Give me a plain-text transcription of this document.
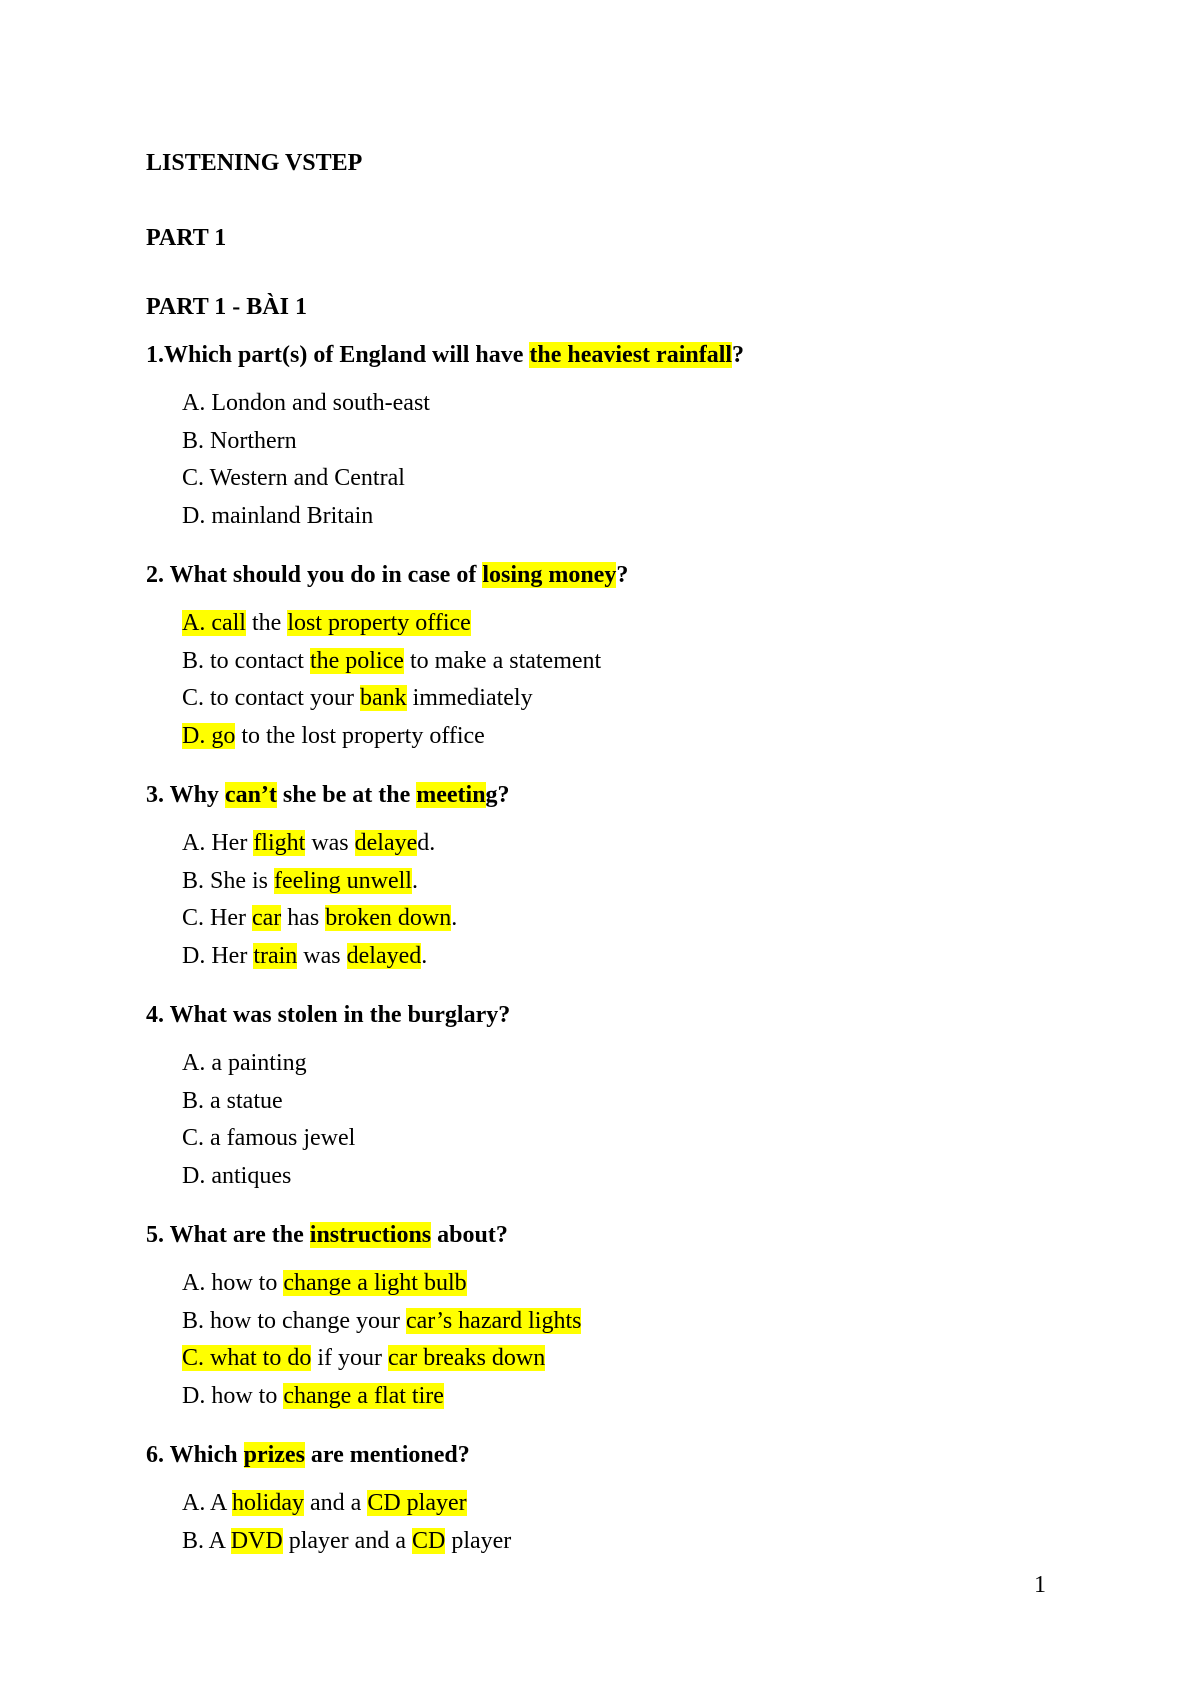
LISTENING VSTEP
PART 1
PART 1 - BÀI 1
1.Which part(s) of England will have the heaviest rainfall?
A. London and south-east
B. Northern
C. Western and Central
D. mainland Britain
2. What should you do in case of losing money?
A. call the lost property office
B. to contact the police to make a statement
C. to contact your bank immediately
D. go to the lost property office
3. Why can’t she be at the meeting?
A. Her flight was delayed.
B. She is feeling unwell.
C. Her car has broken down.
D. Her train was delayed.
4. What was stolen in the burglary?
A. a painting
B. a statue
C. a famous jewel
D. antiques
5. What are the instructions about?
A. how to change a light bulb
B. how to change your car’s hazard lights
C. what to do if your car breaks down
D. how to change a flat tire
6. Which prizes are mentioned?
A. A holiday and a CD player
B. A DVD player and a CD player
1
